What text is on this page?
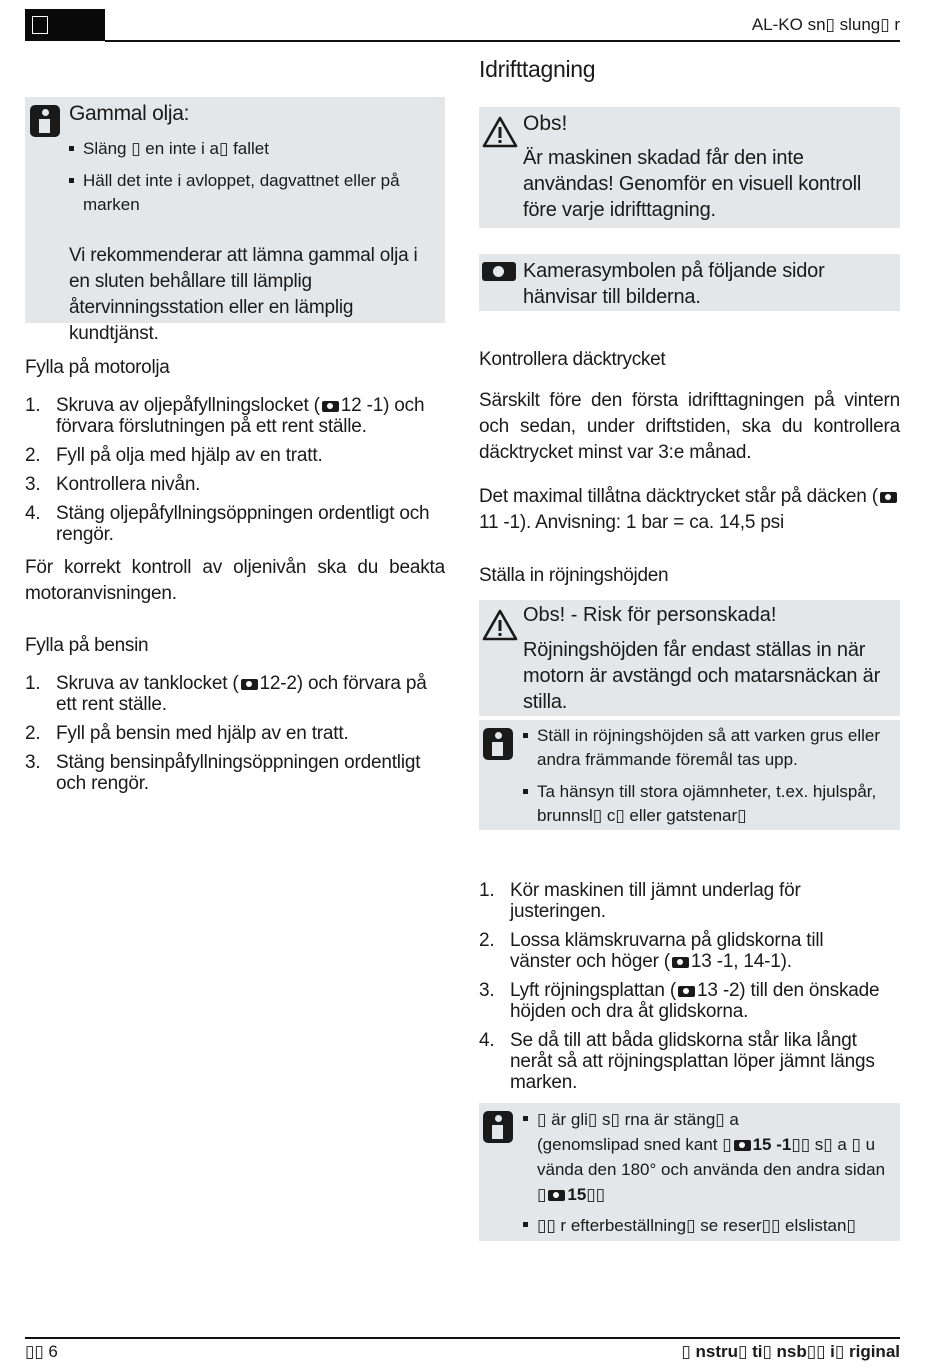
AL-KO sn▯ slung▯ r
Gammal olja:
Släng ▯ en inte i a▯ fallet
Häll det inte i avloppet, dagvattnet eller på marken
Vi rekommenderar att lämna gammal olja i en sluten behållare till lämplig återvinningsstation eller en lämplig kundtjänst.
Fylla på motorolja
1. Skruva av oljepåfyllningslocket ( 12 -1) och förvara förslutningen på ett rent ställe.
2. Fyll på olja med hjälp av en tratt.
3. Kontrollera nivån.
4. Stäng oljepåfyllningsöppningen ordentligt och rengör.
För korrekt kontroll av oljenivån ska du beakta motoranvisningen.
Fylla på bensin
1. Skruva av tanklocket ( 12-2) och förvara på ett rent ställe.
2. Fyll på bensin med hjälp av en tratt.
3. Stäng bensinpåfyllningsöppningen ordentligt och rengör.
Idrifttagning
Obs!
Är maskinen skadad får den inte användas! Genomför en visuell kontroll före varje idrifttagning.
Kamerasymbolen på följande sidor hänvisar till bilderna.
Kontrollera däcktrycket
Särskilt före den första idrifttagningen på vintern och sedan, under driftstiden, ska du kontrollera däcktrycket minst var 3:e månad.
Det maximal tillåtna däcktrycket står på däcken (
11 -1). Anvisning: 1 bar = ca. 14,5 psi
Ställa in röjningshöjden
Obs! - Risk för personskada!
Röjningshöjden får endast ställas in när motorn är avstängd och matarsnäckan är stilla.
Ställ in röjningshöjden så att varken grus eller andra främmande föremål tas upp.
Ta hänsyn till stora ojämnheter, t.ex. hjulspår, brunnsl▯ c▯ eller gatstenar▯
1. Kör maskinen till jämnt underlag för justeringen.
2. Lossa klämskruvarna på glidskorna till vänster och höger ( 13 -1, 14-1).
3. Lyft röjningsplattan ( 13 -2) till den önskade höjden och dra åt glidskorna.
4. Se då till att båda glidskorna står lika långt neråt så att röjningsplattan löper jämnt längs marken.
▯ är gli▯ s▯ rna är stäng▯ a
(genomslipad sned kant ▯ 15 -1▯▯ s▯ a ▯ u
vända den 180° och använda den andra sidan
▯ 15▯▯
▯▯ r efterbeställning▯ se reser▯▯ elslistan▯
▯▯ 6	▯ nstru▯ ti▯ nsb▯▯ i▯ riginal
